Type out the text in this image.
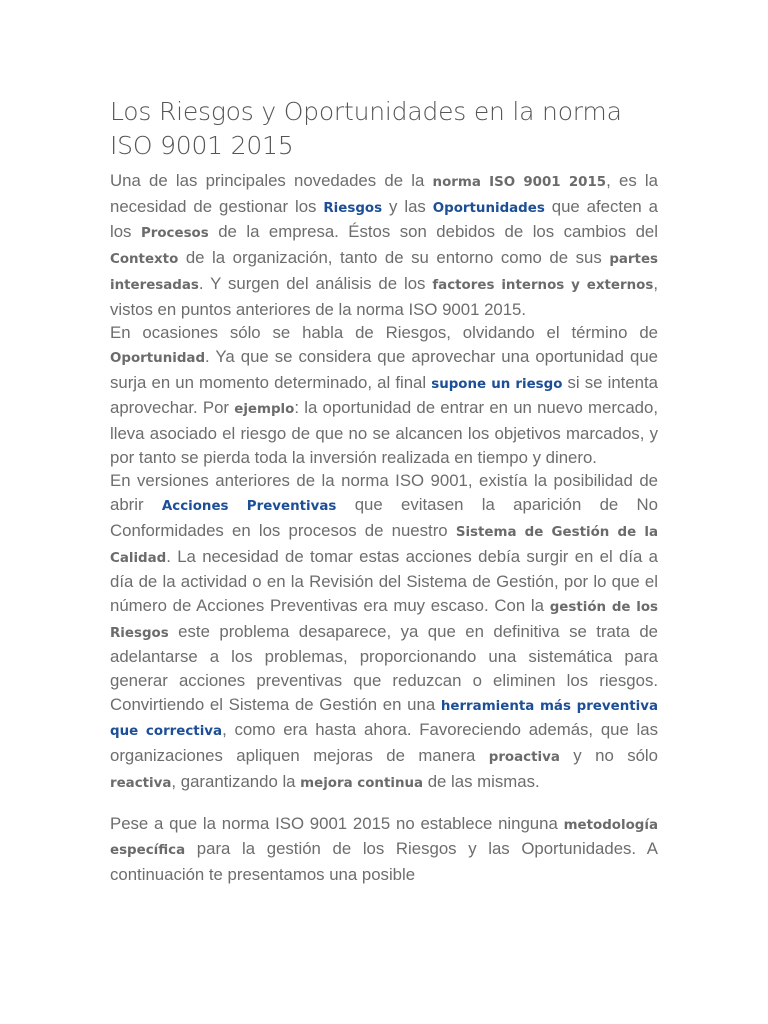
Los Riesgos y Oportunidades en la norma ISO 9001 2015

Una de las principales novedades de la norma ISO 9001 2015, es la necesidad de gestionar los Riesgos y las Oportunidades que afecten a los Procesos de la empresa. Éstos son debidos de los cambios del Contexto de la organización, tanto de su entorno como de sus partes interesadas. Y surgen del análisis de los factores internos y externos, vistos en puntos anteriores de la norma ISO 9001 2015.

En ocasiones sólo se habla de Riesgos, olvidando el término de Oportunidad. Ya que se considera que aprovechar una oportunidad que surja en un momento determinado, al final supone un riesgo si se intenta aprovechar. Por ejemplo: la oportunidad de entrar en un nuevo mercado, lleva asociado el riesgo de que no se alcancen los objetivos marcados, y por tanto se pierda toda la inversión realizada en tiempo y dinero.

En versiones anteriores de la norma ISO 9001, existía la posibilidad de abrir Acciones Preventivas que evitasen la aparición de No Conformidades en los procesos de nuestro Sistema de Gestión de la Calidad. La necesidad de tomar estas acciones debía surgir en el día a día de la actividad o en la Revisión del Sistema de Gestión, por lo que el número de Acciones Preventivas era muy escaso. Con la gestión de los Riesgos este problema desaparece, ya que en definitiva se trata de adelantarse a los problemas, proporcionando una sistemática para generar acciones preventivas que reduzcan o eliminen los riesgos. Convirtiendo el Sistema de Gestión en una herramienta más preventiva que correctiva, como era hasta ahora. Favoreciendo además, que las organizaciones apliquen mejoras de manera proactiva y no sólo reactiva, garantizando la mejora continua de las mismas.

Pese a que la norma ISO 9001 2015 no establece ninguna metodología específica para la gestión de los Riesgos y las Oportunidades. A continuación te presentamos una posible
